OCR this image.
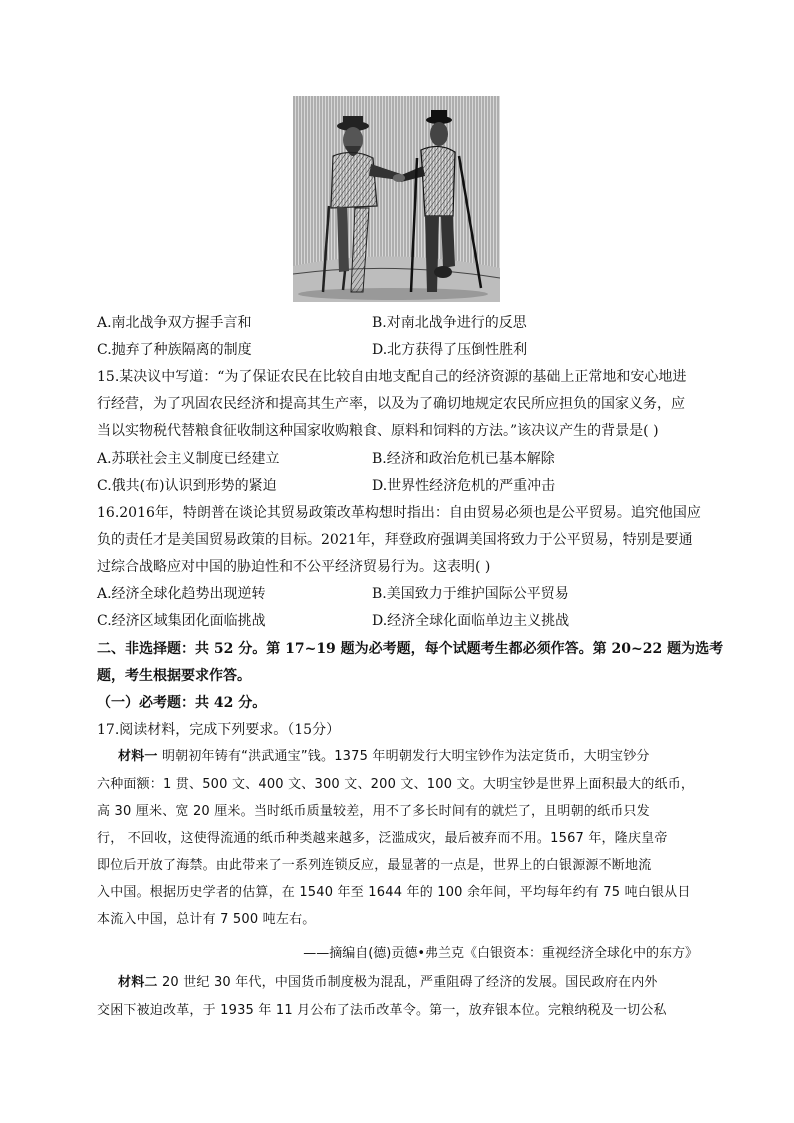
A.南北战争双方握手言和	B.对南北战争进行的反思
C.抛弃了种族隔离的制度	D.北方获得了压倒性胜利
15.某决议中写道：“为了保证农民在比较自由地支配自己的经济资源的基础上正常地和安心地进
行经营，为了巩固农民经济和提高其生产率，以及为了确切地规定农民所应担负的国家义务，应
当以实物税代替粮食征收制这种国家收购粮食、原料和饲料的方法。”该决议产生的背景是( )
A.苏联社会主义制度已经建立	B.经济和政治危机已基本解除
C.俄共(布)认识到形势的紧迫	D.世界性经济危机的严重冲击
16.2016年，特朗普在谈论其贸易政策改革构想时指出：自由贸易必须也是公平贸易。追究他国应
负的责任才是美国贸易政策的目标。2021年，拜登政府强调美国将致力于公平贸易，特别是要通
过综合战略应对中国的胁迫性和不公平经济贸易行为。这表明( )
A.经济全球化趋势出现逆转	B.美国致力于维护国际公平贸易
C.经济区域集团化面临挑战	D.经济全球化面临单边主义挑战
二、非选择题：共 52 分。第 17~19 题为必考题，每个试题考生都必须作答。第 20~22 题为选考
题，考生根据要求作答。
（一）必考题：共 42 分。
17.阅读材料，完成下列要求。（15分）
材料一 明朝初年铸有“洪武通宝”钱。1375 年明朝发行大明宝钞作为法定货币，大明宝钞分
六种面额：1 贯、500 文、400 文、300 文、200 文、100 文。大明宝钞是世界上面积最大的纸币，
高 30 厘米、宽 20 厘米。当时纸币质量较差，用不了多长时间有的就烂了，且明朝的纸币只发
行， 不回收，这使得流通的纸币种类越来越多，泛滥成灾，最后被弃而不用。1567 年，隆庆皇帝
即位后开放了海禁。由此带来了一系列连锁反应，最显著的一点是，世界上的白银源源不断地流
入中国。根据历史学者的估算，在 1540 年至 1644 年的 100 余年间，平均每年约有 75 吨白银从日
本流入中国，总计有 7 500 吨左右。
——摘编自(德)贡德•弗兰克《白银资本：重视经济全球化中的东方》
材料二 20 世纪 30 年代，中国货币制度极为混乱，严重阻碍了经济的发展。国民政府在内外
交困下被迫改革，于 1935 年 11 月公布了法币改革令。第一，放弃银本位。完粮纳税及一切公私
